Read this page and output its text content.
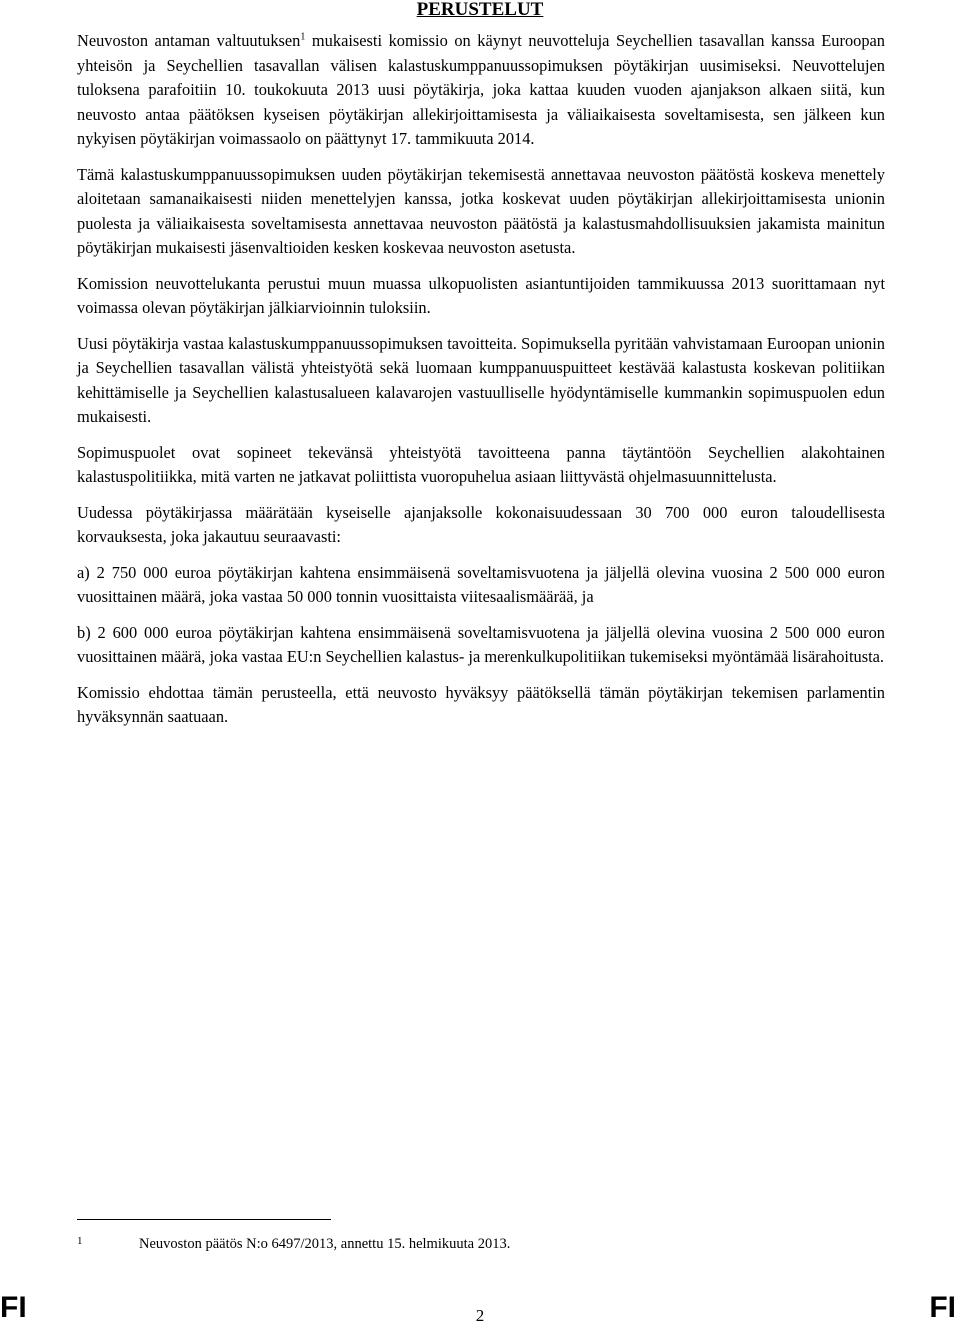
PERUSTELUT

Neuvoston antaman valtuutuksen$^1$ mukaisesti komissio on käynyt neuvotteluja Seychellien tasavallan kanssa Euroopan yhteisön ja Seychellien tasavallan välisen kalastuskumppanuussopimuksen pöytäkirjan uusimiseksi. Neuvottelujen tuloksena parafoitiin 10. toukokuuta 2013 uusi pöytäkirja, joka kattaa kuuden vuoden ajanjakson alkaen siitä, kun neuvosto antaa päätöksen kyseisen pöytäkirjan allekirjoittamisesta ja väliaikaisesta soveltamisesta, sen jälkeen kun nykyisen pöytäkirjan voimassaolo on päättynyt 17. tammikuuta 2014.

Tämä kalastuskumppanuussopimuksen uuden pöytäkirjan tekemisestä annettavaa neuvoston päätöstä koskeva menettely aloitetaan samanaikaisesti niiden menettelyjen kanssa, jotka koskevat uuden pöytäkirjan allekirjoittamisesta unionin puolesta ja väliaikaisesta soveltamisesta annettavaa neuvoston päätöstä ja kalastusmahdollisuuksien jakamista mainitun pöytäkirjan mukaisesti jäsenvaltioiden kesken koskevaa neuvoston asetusta.

Komission neuvottelukanta perustui muun muassa ulkopuolisten asiantuntijoiden tammikuussa 2013 suorittamaan nyt voimassa olevan pöytäkirjan jälkiarvioinnin tuloksiin.

Uusi pöytäkirja vastaa kalastuskumppanuussopimuksen tavoitteita. Sopimuksella pyritään vahvistamaan Euroopan unionin ja Seychellien tasavallan välistä yhteistyötä sekä luomaan kumppanuuspuitteet kestävää kalastusta koskevan politiikan kehittämiselle ja Seychellien kalastusalueen kalavarojen vastuulliselle hyödyntämiselle kummankin sopimuspuolen edun mukaisesti.

Sopimuspuolet ovat sopineet tekevänsä yhteistyötä tavoitteena panna täytäntöön Seychellien alakohtainen kalastuspolitiikka, mitä varten ne jatkavat poliittista vuoropuhelua asiaan liittyvästä ohjelmasuunnittelusta.

Uudessa pöytäkirjassa määrätään kyseiselle ajanjaksolle kokonaisuudessaan 30 700 000 euron taloudellisesta korvauksesta, joka jakautuu seuraavasti:

a) 2 750 000 euroa pöytäkirjan kahtena ensimmäisenä soveltamisvuotena ja jäljellä olevina vuosina 2 500 000 euron vuosittainen määrä, joka vastaa 50 000 tonnin vuosittaista viitesaalismäärää, ja

b) 2 600 000 euroa pöytäkirjan kahtena ensimmäisenä soveltamisvuotena ja jäljellä olevina vuosina 2 500 000 euron vuosittainen määrä, joka vastaa EU:n Seychellien kalastus- ja merenkulkupolitiikan tukemiseksi myöntämää lisärahoitusta.

Komissio ehdottaa tämän perusteella, että neuvosto hyväksyy päätöksellä tämän pöytäkirjan tekemisen parlamentin hyväksynnän saatuaan.

1	Neuvoston päätös N:o 6497/2013, annettu 15. helmikuuta 2013.
FI	2	FI
